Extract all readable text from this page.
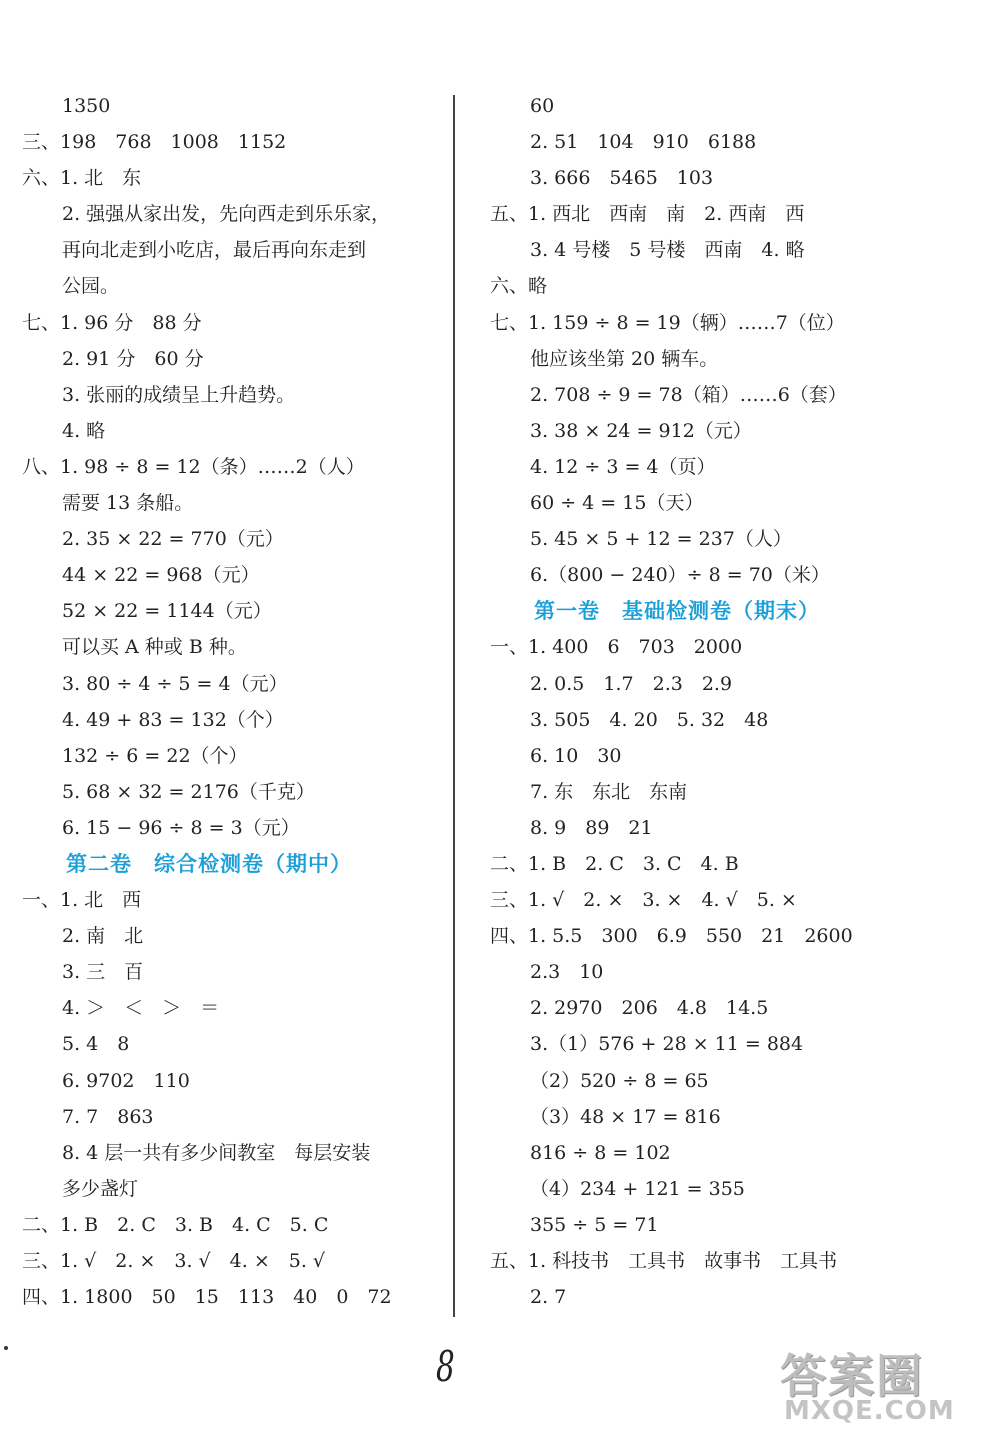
1350
三、198　768　1008　1152
六、1. 北　东
2. 强强从家出发，先向西走到乐乐家，
再向北走到小吃店，最后再向东走到
公园。
七、1. 96 分　88 分
2. 91 分　60 分
3. 张丽的成绩呈上升趋势。
4. 略
八、1. 98 ÷ 8 = 12（条）……2（人）
需要 13 条船。
2. 35 × 22 = 770（元）
44 × 22 = 968（元）
52 × 22 = 1144（元）
可以买 A 种或 B 种。
3. 80 ÷ 4 ÷ 5 = 4（元）
4. 49 + 83 = 132（个）
132 ÷ 6 = 22（个）
5. 68 × 32 = 2176（千克）
6. 15 − 96 ÷ 8 = 3（元）
第二卷　综合检测卷（期中）
一、1. 北　西
2. 南　北
3. 三　百
4. ＞　＜　＞　＝
5. 4　8
6. 9702　110
7. 7　863
8. 4 层一共有多少间教室　每层安装
多少盏灯
二、1. B　2. C　3. B　4. C　5. C
三、1. √　2. ×　3. √　4. ×　5. √
四、1. 1800　50　15　113　40　0　72
60
2. 51　104　910　6188
3. 666　5465　103
五、1. 西北　西南　南　2. 西南　西
3. 4 号楼　5 号楼　西南　4. 略
六、略
七、1. 159 ÷ 8 = 19（辆）……7（位）
他应该坐第 20 辆车。
2. 708 ÷ 9 = 78（箱）……6（套）
3. 38 × 24 = 912（元）
4. 12 ÷ 3 = 4（页）
60 ÷ 4 = 15（天）
5. 45 × 5 + 12 = 237（人）
6.（800 − 240）÷ 8 = 70（米）
第一卷　基础检测卷（期末）
一、1. 400　6　703　2000
2. 0.5　1.7　2.3　2.9
3. 505　4. 20　5. 32　48
6. 10　30
7. 东　东北　东南
8. 9　89　21
二、1. B　2. C　3. C　4. B
三、1. √　2. ×　3. ×　4. √　5. ×
四、1. 5.5　300　6.9　550　21　2600
2.3　10
2. 2970　206　4.8　14.5
3.（1）576 + 28 × 11 = 884
（2）520 ÷ 8 = 65
（3）48 × 17 = 816
816 ÷ 8 = 102
（4）234 + 121 = 355
355 ÷ 5 = 71
五、1. 科技书　工具书　故事书　工具书
2. 7
8	答案圈
MXQE.COM
